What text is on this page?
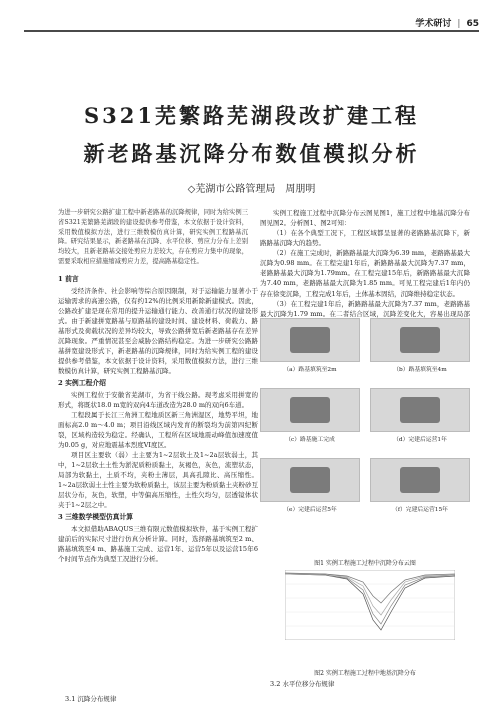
学术研讨 | 65
S321芜繁路芜湖段改扩建工程
新老路基沉降分布数值模拟分析
◇芜湖市公路管理局　周朋明
为进一步研究公路扩建工程中新老路基的沉降规律，同时为给实例三省S321芜繁路芜湖段的建设提供参考借鉴，本文依据于设计资料，采用数值模拟方法，进行三维数模仿真计算，研究实例工程路基沉降。研究结果显示，新老路基在沉降、水平位移、剪应力分布上差别均较大，且新老路基交接处剪应力差较大，存在剪应力集中的现象，需要采取相应措施缩减剪应力差，提高路基稳定性。
1 前言

受经济条件、社会影响等综合原因限制，对于运输能力显著小于运输需求的高速公路，仅有约12%的比例采用新除新建模式。因此，公路改扩建是现在常用的提升运输通行能力、改善通行状况的建设形式。由于新建拼宽路基与原路基的建设时间、建设材料、荷载力、路基形式及荷载状况的差异均较大，导致公路拼宽后新老路基存在差异沉降现象。严重情况甚至会威胁公路结构稳定。为进一步研究公路路基拼宽建设形式下，新老路基的沉降规律，同时为给实例工程的建设提供参考借鉴，本文依据于设计资料，采用数值模拟方法，进行三维数模仿真计算，研究实例工程路基沉降。

2 实例工程介绍

实例工程位于安徽省芜湖市，为省干线公路。现考虑采用拼宽的形式，将既状18.0 m宽的双向4车道改造为28.0 m的双向6车道。

工程段属于长江三角洲工程地质区新三角洲湿区，地势平坦，地面标高2.0 m～4.0 m；项目沿线区域内发育的断裂均为前第四纪断裂，区域构造较为稳定。经确认，工程所在区域地震动峰值加速度值为0.05 g，对应地震基本烈度VI度区。

项目区主要软（弱）土主要为1~2层软土及1~2a层软弱土，其中，1~2层软土土性为淤泥质粉质黏土，灰褐色，灰色，流塑状态，局部为软黏土，土质不均，夹粉土薄层，具高孔隙比、高压缩性。1~2a层软弱土土性主要为软粉质黏土，该层主要为粉质黏土夹粉砂互层状分布，灰色，软塑，中等偏高压缩性，土性欠均匀，层透镜体状夹于1~2层之中。

3 三维数学模型仿真计算

本文拟借助ABAQUS三维有限元数值模拟软件，基于实例工程扩建前后的实际尺寸进行仿真分析计算。同时，选择路基填筑至2 m、路基填筑至4 m、路基施工完成、运营1年、运营5年以及运营15年6个时间节点作为典型工况进行分析。

3.1 沉降分布规律

实例工程施工过程中沉降分布云图见图1，施工过程中地基沉降分布图见图2。分析图1、图2可知：

（1）在各个典型工况下，工程区域都呈显著的老路路基沉降下，新路路基沉降大的趋势。

（2）在施工完成时，新路路基最大沉降为6.39 mm，老路路基最大沉降为0.98 mm。在工程完建1年后，新路路基最大沉降为7.37 mm，老路路基最大沉降为1.79mm。在工程完建15年后，新路路基最大沉降为7.40 mm，老路路基最大沉降为1.85 mm。可见工程完建后1年内仍存在徐变沉降，工程完成1年后，土体基本固结，沉降维持稳定状态。

（3）在工程完建1年后，新路路基最大沉降为7.37 mm，老路路基最大沉降为1.79 mm。在二者结合区域，沉降差变化大，容易出现局部

（a）路基填筑至2m	（b）路基填筑至4m
（c）路基施工完成	（d）完建后运营1年
（e）完建后运营5年	（f）完建后运营15年
图1 实例工程施工过程中沉降分布云图
图2 实例工程施工过程中地基沉降分布
3.2 水平位移分布规律
